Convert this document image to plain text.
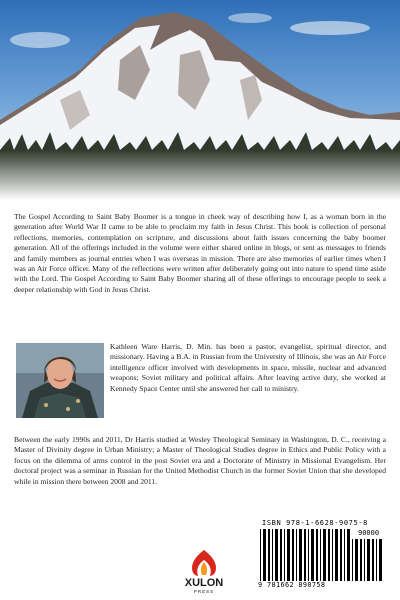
The Gospel According to Saint Baby Boomer is a tongue in cheek way of describing how I, as a woman born in the generation after World War II came to be able to proclaim my faith in Jesus Christ. This book is collection of personal reflections, memories, contemplation on scripture, and discussions about faith issues concerning the baby boomer generation. All of the offerings included in the volume were either shared online in blogs, or sent as messages to friends and family members as journal entries when I was overseas in mission. There are also memories of earlier times when I was an Air Force officer. Many of the reflections were written after deliberately going out into nature to spend time aside with the Lord. The Gospel According to Saint Baby Boomer sharing all of these offerings to encourage people to seek a deeper relationship with God in Jesus Christ.

Kathleen Ware Harris, D. Min. has been a pastor, evangelist, spiritual director, and missionary. Having a B.A. in Russian from the University of Illinois, she was an Air Force intelligence officer involved with developments in space, missile, nuclear and advanced weapons; Soviet military and political affairs. After leaving active duty, she worked at Kennedy Space Center until she answered her call to ministry.

Between the early 1990s and 2011, Dr Harris studied at Wesley Theological Seminary in Washington, D. C., receiving a Master of Divinity degree in Urban Ministry; a Master of Theological Studies degree in Ethics and Public Policy with a focus on the dilemma of arms control in the post Soviet era and a Doctorate of Ministry in Missional Evangelism. Her doctoral project was a seminar in Russian for the United Methodist Church in the former Soviet Union that she developed while in mission there between 2008 and 2011.

XULON
PRESS
ISBN 978-1-6628-9075-8
90000
9 781662 890758
